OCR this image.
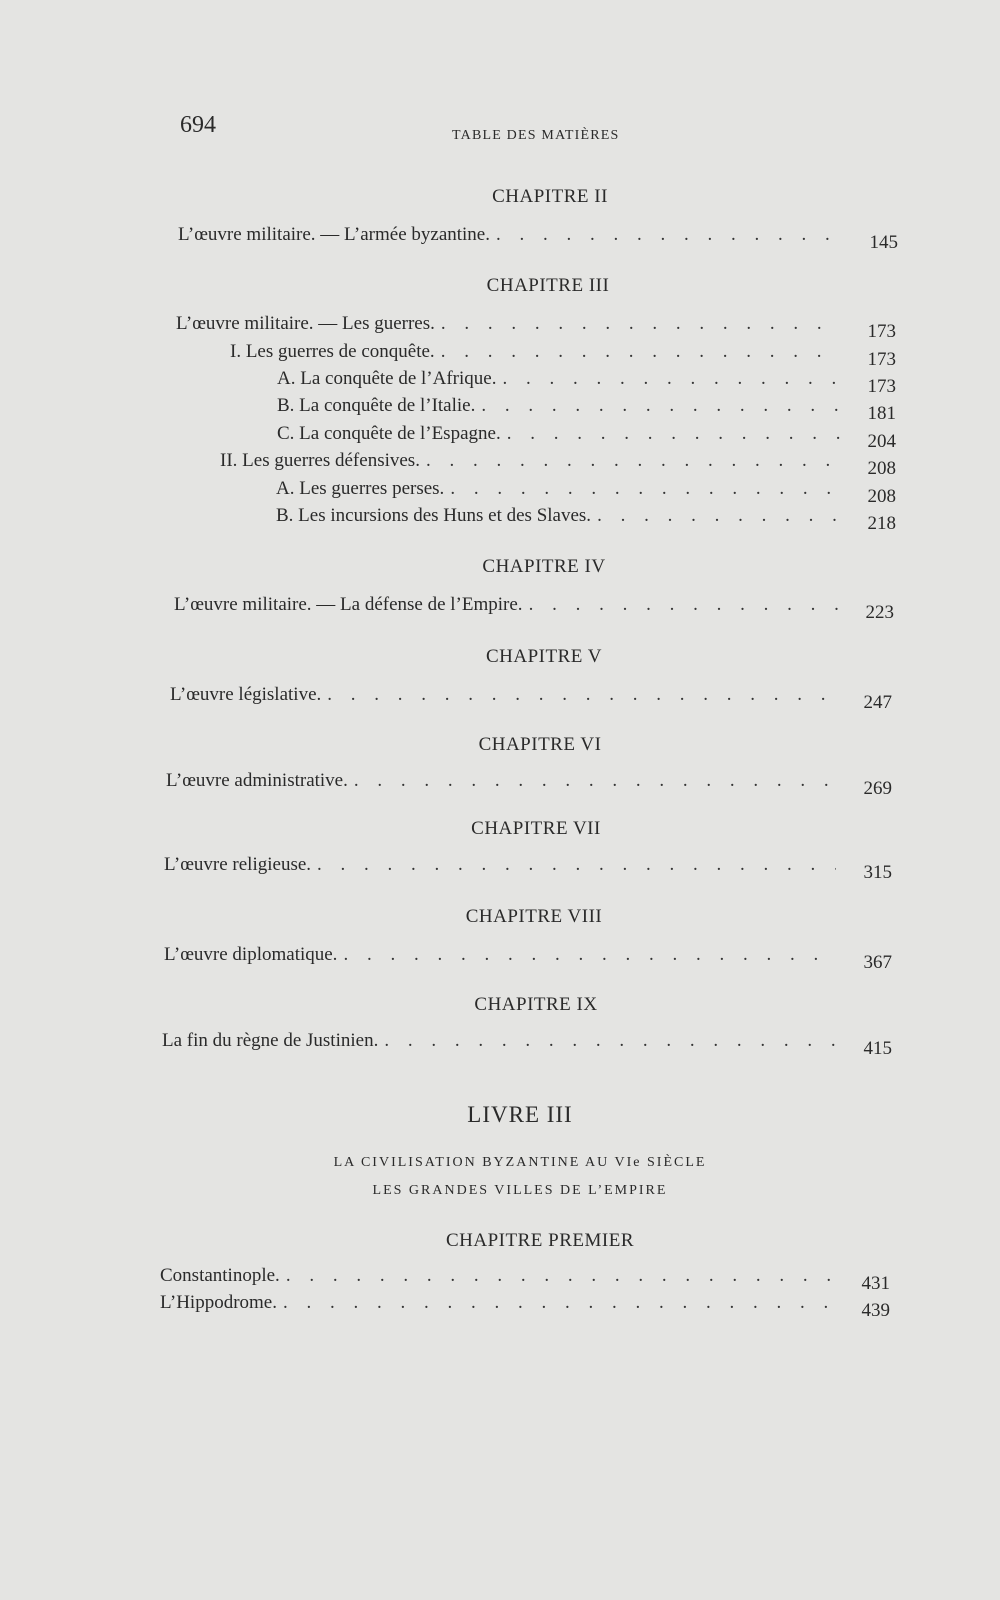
694	TABLE DES MATIÈRES
CHAPITRE II
L’œuvre militaire. — L’armée byzantine. . . .	145
CHAPITRE III
L’œuvre militaire. — Les guerres. . . .	173
I. Les guerres de conquête. . . .	173
A. La conquête de l’Afrique. . . .	173
B. La conquête de l’Italie. . . .	181
C. La conquête de l’Espagne. . . .	204
II. Les guerres défensives. . . .	208
A. Les guerres perses. . . .	208
B. Les incursions des Huns et des Slaves. . . .	218
CHAPITRE IV
L’œuvre militaire. — La défense de l’Empire. . . .	223
CHAPITRE V
L’œuvre législative. . . .	247
CHAPITRE VI
L’œuvre administrative. . . .	269
CHAPITRE VII
L’œuvre religieuse. . . .	315
CHAPITRE VIII
L’œuvre diplomatique. . . .	367
CHAPITRE IX
La fin du règne de Justinien. . . .	415
LIVRE III
LA CIVILISATION BYZANTINE AU VIe SIÈCLE
LES GRANDES VILLES DE L’EMPIRE
CHAPITRE PREMIER
Constantinople. . . .	431
L’Hippodrome. . . .	439
